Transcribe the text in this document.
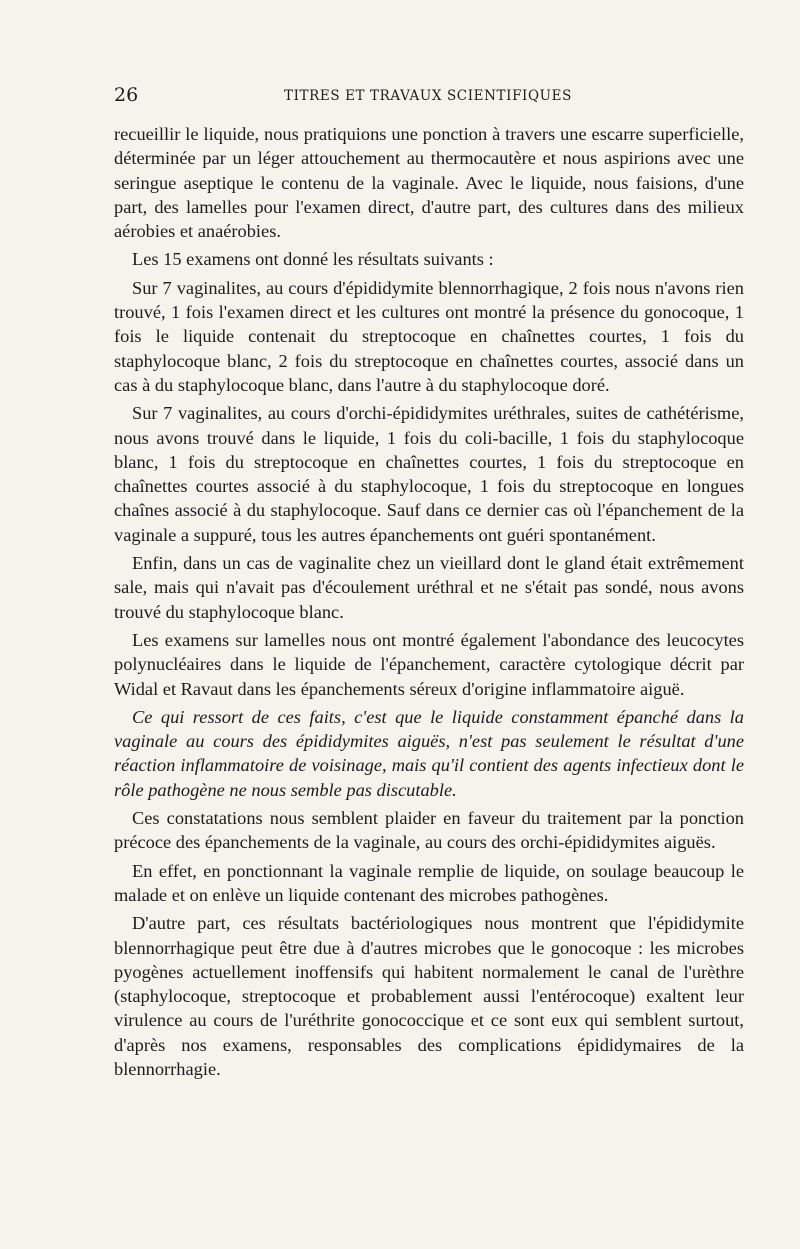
26	TITRES ET TRAVAUX SCIENTIFIQUES

recueillir le liquide, nous pratiquions une ponction à travers une escarre superficielle, déterminée par un léger attouchement au thermocautère et nous aspirions avec une seringue aseptique le contenu de la vaginale. Avec le liquide, nous faisions, d'une part, des lamelles pour l'examen direct, d'autre part, des cultures dans des milieux aérobies et anaérobies.

Les 15 examens ont donné les résultats suivants :

Sur 7 vaginalites, au cours d'épididymite blennorrhagique, 2 fois nous n'avons rien trouvé, 1 fois l'examen direct et les cultures ont montré la présence du gonocoque, 1 fois le liquide contenait du streptocoque en chaînettes courtes, 1 fois du staphylocoque blanc, 2 fois du streptocoque en chaînettes courtes, associé dans un cas à du staphylocoque blanc, dans l'autre à du staphylocoque doré.

Sur 7 vaginalites, au cours d'orchi-épididymites uréthrales, suites de cathétérisme, nous avons trouvé dans le liquide, 1 fois du coli-bacille, 1 fois du staphylocoque blanc, 1 fois du streptocoque en chaînettes courtes, 1 fois du streptocoque en chaînettes courtes associé à du staphylocoque, 1 fois du streptocoque en longues chaînes associé à du staphylocoque. Sauf dans ce dernier cas où l'épanchement de la vaginale a suppuré, tous les autres épanchements ont guéri spontanément.

Enfin, dans un cas de vaginalite chez un vieillard dont le gland était extrêmement sale, mais qui n'avait pas d'écoulement uréthral et ne s'était pas sondé, nous avons trouvé du staphylocoque blanc.

Les examens sur lamelles nous ont montré également l'abondance des leucocytes polynucléaires dans le liquide de l'épanchement, caractère cytologique décrit par Widal et Ravaut dans les épanchements séreux d'origine inflammatoire aiguë.

Ce qui ressort de ces faits, c'est que le liquide constamment épanché dans la vaginale au cours des épididymites aiguës, n'est pas seulement le résultat d'une réaction inflammatoire de voisinage, mais qu'il contient des agents infectieux dont le rôle pathogène ne nous semble pas discutable.

Ces constatations nous semblent plaider en faveur du traitement par la ponction précoce des épanchements de la vaginale, au cours des orchi-épididymites aiguës.

En effet, en ponctionnant la vaginale remplie de liquide, on soulage beaucoup le malade et on enlève un liquide contenant des microbes pathogènes.

D'autre part, ces résultats bactériologiques nous montrent que l'épididymite blennorrhagique peut être due à d'autres microbes que le gonocoque : les microbes pyogènes actuellement inoffensifs qui habitent normalement le canal de l'urèthre (staphylocoque, streptocoque et probablement aussi l'entérocoque) exaltent leur virulence au cours de l'uréthrite gonococcique et ce sont eux qui semblent surtout, d'après nos examens, responsables des complications épididymaires de la blennorrhagie.
